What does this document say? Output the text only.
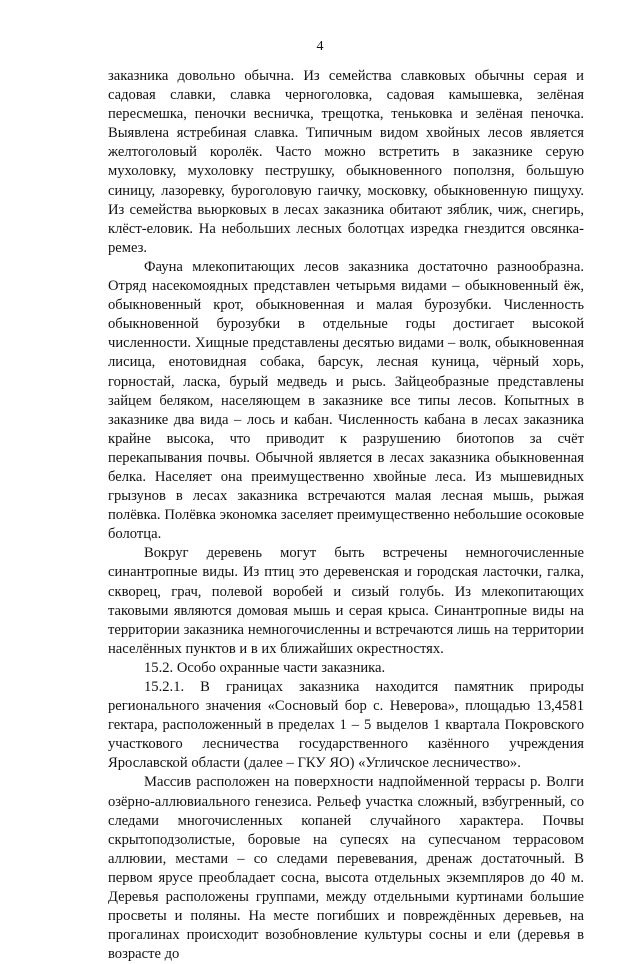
4

заказника довольно обычна. Из семейства славковых обычны серая и садовая славки, славка черноголовка, садовая камышевка, зелёная пересмешка, пеночки весничка, трещотка, теньковка и зелёная пеночка. Выявлена ястребиная славка. Типичным видом хвойных лесов является желтоголовый королёк. Часто можно встретить в заказнике серую мухоловку, мухоловку пеструшку, обыкновенного поползня, большую синицу, лазоревку, буроголовую гаичку, московку, обыкновенную пищуху. Из семейства вьюрковых в лесах заказника обитают зяблик, чиж, снегирь, клёст-еловик. На небольших лесных болотцах изредка гнездится овсянка-ремез.

Фауна млекопитающих лесов заказника достаточно разнообразна. Отряд насекомоядных представлен четырьмя видами – обыкновенный ёж, обыкновенный крот, обыкновенная и малая бурозубки. Численность обыкновенной бурозубки в отдельные годы достигает высокой численности. Хищные представлены десятью видами – волк, обыкновенная лисица, енотовидная собака, барсук, лесная куница, чёрный хорь, горностай, ласка, бурый медведь и рысь. Зайцеобразные представлены зайцем беляком, населяющем в заказнике все типы лесов. Копытных в заказнике два вида – лось и кабан. Численность кабана в лесах заказника крайне высока, что приводит к разрушению биотопов за счёт перекапывания почвы. Обычной является в лесах заказника обыкновенная белка. Населяет она преимущественно хвойные леса. Из мышевидных грызунов в лесах заказника встречаются малая лесная мышь, рыжая полёвка. Полёвка экономка заселяет преимущественно небольшие осоковые болотца.

Вокруг деревень могут быть встречены немногочисленные синантропные виды. Из птиц это деревенская и городская ласточки, галка, скворец, грач, полевой воробей и сизый голубь. Из млекопитающих таковыми являются домовая мышь и серая крыса. Синантропные виды на территории заказника немногочисленны и встречаются лишь на территории населённых пунктов и в их ближайших окрестностях.

15.2. Особо охранные части заказника.

15.2.1. В границах заказника находится памятник природы регионального значения «Сосновый бор с. Неверова», площадью 13,4581 гектара, расположенный в пределах 1 – 5 выделов 1 квартала Покровского участкового лесничества государственного казённого учреждения Ярославской области (далее – ГКУ ЯО) «Угличское лесничество».

Массив расположен на поверхности надпойменной террасы р. Волги озёрно-аллювиального генезиса. Рельеф участка сложный, взбугренный, со следами многочисленных копаней случайного характера. Почвы скрытоподзолистые, боровые на супесях на супесчаном террасовом аллювии, местами – со следами перевевания, дренаж достаточный. В первом ярусе преобладает сосна, высота отдельных экземпляров до 40 м. Деревья расположены группами, между отдельными куртинами большие просветы и поляны. На месте погибших и повреждённых деревьев, на прогалинах происходит возобновление культуры сосны и ели (деревья в возрасте до
